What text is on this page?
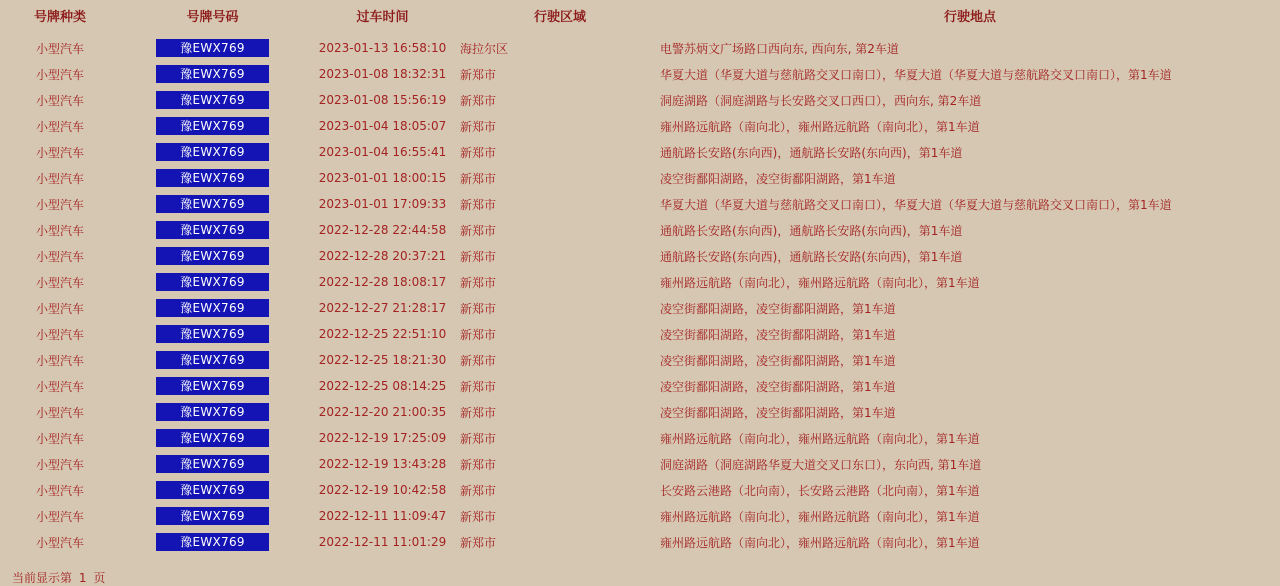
号牌种类	号牌号码	过车时间	行驶区域	行驶地点
小型汽车	豫EWX769	2023-01-13 16:58:10	海拉尔区	电警苏炳文广场路口西向东, 西向东, 第2车道
小型汽车	豫EWX769	2023-01-08 18:32:31	新郑市	华夏大道（华夏大道与慈航路交叉口南口），华夏大道（华夏大道与慈航路交叉口南口），第1车道
小型汽车	豫EWX769	2023-01-08 15:56:19	新郑市	洞庭湖路（洞庭湖路与长安路交叉口西口），西向东, 第2车道
小型汽车	豫EWX769	2023-01-04 18:05:07	新郑市	雍州路远航路（南向北），雍州路远航路（南向北），第1车道
小型汽车	豫EWX769	2023-01-04 16:55:41	新郑市	通航路长安路(东向西)，通航路长安路(东向西)，第1车道
小型汽车	豫EWX769	2023-01-01 18:00:15	新郑市	凌空街鄱阳湖路，凌空街鄱阳湖路，第1车道
小型汽车	豫EWX769	2023-01-01 17:09:33	新郑市	华夏大道（华夏大道与慈航路交叉口南口），华夏大道（华夏大道与慈航路交叉口南口），第1车道
小型汽车	豫EWX769	2022-12-28 22:44:58	新郑市	通航路长安路(东向西)，通航路长安路(东向西)，第1车道
小型汽车	豫EWX769	2022-12-28 20:37:21	新郑市	通航路长安路(东向西)，通航路长安路(东向西)，第1车道
小型汽车	豫EWX769	2022-12-28 18:08:17	新郑市	雍州路远航路（南向北），雍州路远航路（南向北），第1车道
小型汽车	豫EWX769	2022-12-27 21:28:17	新郑市	凌空街鄱阳湖路，凌空街鄱阳湖路，第1车道
小型汽车	豫EWX769	2022-12-25 22:51:10	新郑市	凌空街鄱阳湖路，凌空街鄱阳湖路，第1车道
小型汽车	豫EWX769	2022-12-25 18:21:30	新郑市	凌空街鄱阳湖路，凌空街鄱阳湖路，第1车道
小型汽车	豫EWX769	2022-12-25 08:14:25	新郑市	凌空街鄱阳湖路，凌空街鄱阳湖路，第1车道
小型汽车	豫EWX769	2022-12-20 21:00:35	新郑市	凌空街鄱阳湖路，凌空街鄱阳湖路，第1车道
小型汽车	豫EWX769	2022-12-19 17:25:09	新郑市	雍州路远航路（南向北），雍州路远航路（南向北），第1车道
小型汽车	豫EWX769	2022-12-19 13:43:28	新郑市	洞庭湖路（洞庭湖路华夏大道交叉口东口），东向西, 第1车道
小型汽车	豫EWX769	2022-12-19 10:42:58	新郑市	长安路云港路（北向南），长安路云港路（北向南），第1车道
小型汽车	豫EWX769	2022-12-11 11:09:47	新郑市	雍州路远航路（南向北），雍州路远航路（南向北），第1车道
小型汽车	豫EWX769	2022-12-11 11:01:29	新郑市	雍州路远航路（南向北），雍州路远航路（南向北），第1车道
当前显示第 1 页
